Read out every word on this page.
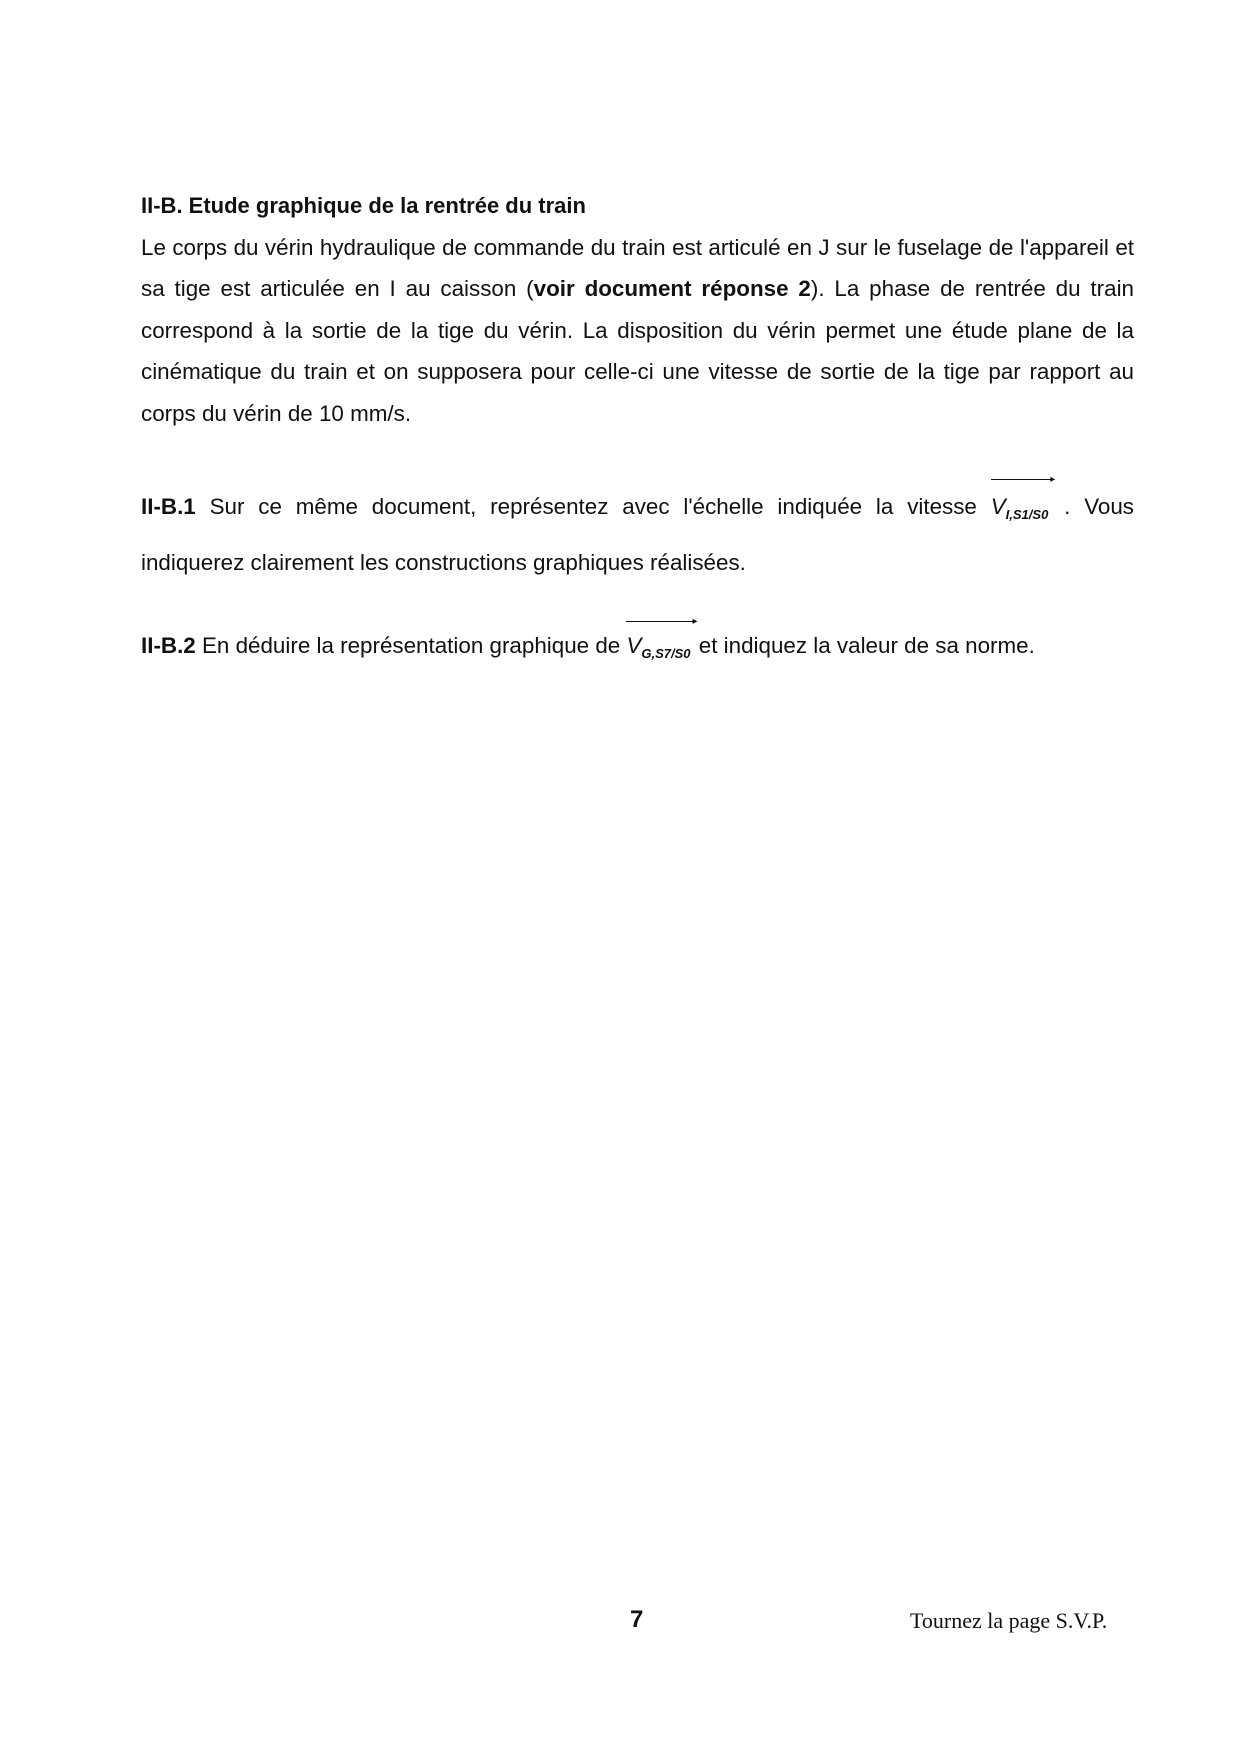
II-B. Etude graphique de la rentrée du train

Le corps du vérin hydraulique de commande du train est articulé en J sur le fuselage de l'appareil et sa tige est articulée en I au caisson (voir document réponse 2). La phase de rentrée du train correspond à la sortie de la tige du vérin. La disposition du vérin permet une étude plane de la cinématique du train et on supposera pour celle-ci une vitesse de sortie de la tige par rapport au corps du vérin de 10 mm/s.

II-B.1 Sur ce même document, représentez avec l'échelle indiquée la vitesse
▸
$V_{I,S1/S0}$ . Vous indiquerez clairement les constructions graphiques réalisées.

II-B.2 En déduire la représentation graphique de
▸
$V_{G,S7/S0}$ et indiquez la valeur de sa norme.

7	Tournez la page S.V.P.
